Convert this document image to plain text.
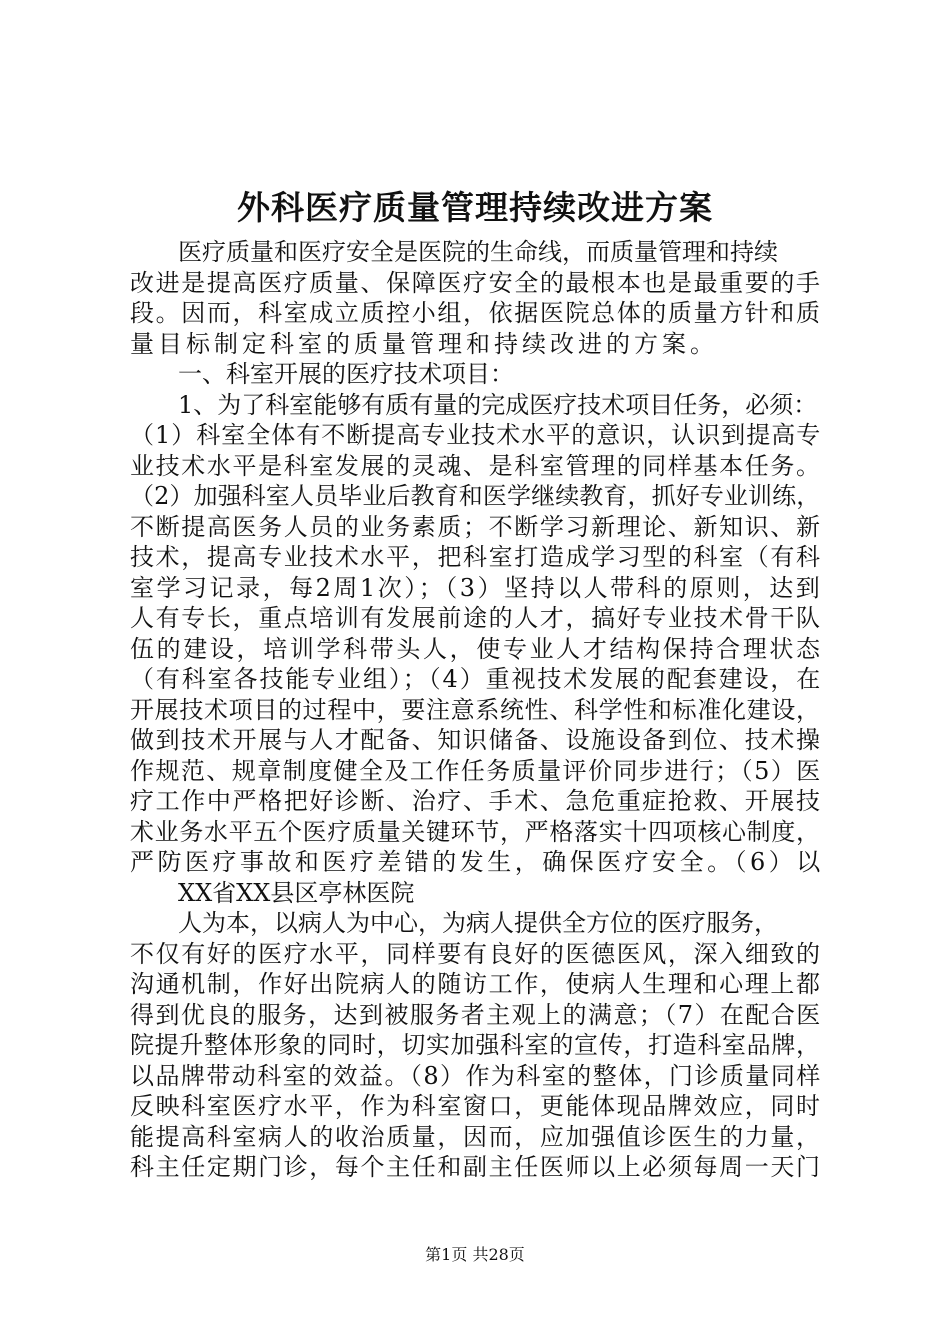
外科医疗质量管理持续改进方案
　　医疗质量和医疗安全是医院的生命线，而质量管理和持续
改进是提高医疗质量、保障医疗安全的最根本也是最重要的手
段。因而，科室成立质控小组，依据医院总体的质量方针和质
量目标制定科室的质量管理和持续改进的方案。
　　一、科室开展的医疗技术项目：
　　1、为了科室能够有质有量的完成医疗技术项目任务，必须：
（1）科室全体有不断提高专业技术水平的意识，认识到提高专
业技术水平是科室发展的灵魂、是科室管理的同样基本任务。
（2）加强科室人员毕业后教育和医学继续教育，抓好专业训练，
不断提高医务人员的业务素质；不断学习新理论、新知识、新
技术，提高专业技术水平，把科室打造成学习型的科室（有科
室学习记录，每2周1次）；（3）坚持以人带科的原则，达到
人有专长，重点培训有发展前途的人才，搞好专业技术骨干队
伍的建设，培训学科带头人，使专业人才结构保持合理状态
（有科室各技能专业组）；（4）重视技术发展的配套建设，在
开展技术项目的过程中，要注意系统性、科学性和标准化建设，
做到技术开展与人才配备、知识储备、设施设备到位、技术操
作规范、规章制度健全及工作任务质量评价同步进行；（5）医
疗工作中严格把好诊断、治疗、手术、急危重症抢救、开展技
术业务水平五个医疗质量关键环节，严格落实十四项核心制度，
严防医疗事故和医疗差错的发生，确保医疗安全。（6）以
　　XX省XX县区亭林医院
　　人为本，以病人为中心，为病人提供全方位的医疗服务，
不仅有好的医疗水平，同样要有良好的医德医风，深入细致的
沟通机制，作好出院病人的随访工作，使病人生理和心理上都
得到优良的服务，达到被服务者主观上的满意；（7）在配合医
院提升整体形象的同时，切实加强科室的宣传，打造科室品牌，
以品牌带动科室的效益。（8）作为科室的整体，门诊质量同样
反映科室医疗水平，作为科室窗口，更能体现品牌效应，同时
能提高科室病人的收治质量，因而，应加强值诊医生的力量，
科主任定期门诊，每个主任和副主任医师以上必须每周一天门
第1页 共28页
